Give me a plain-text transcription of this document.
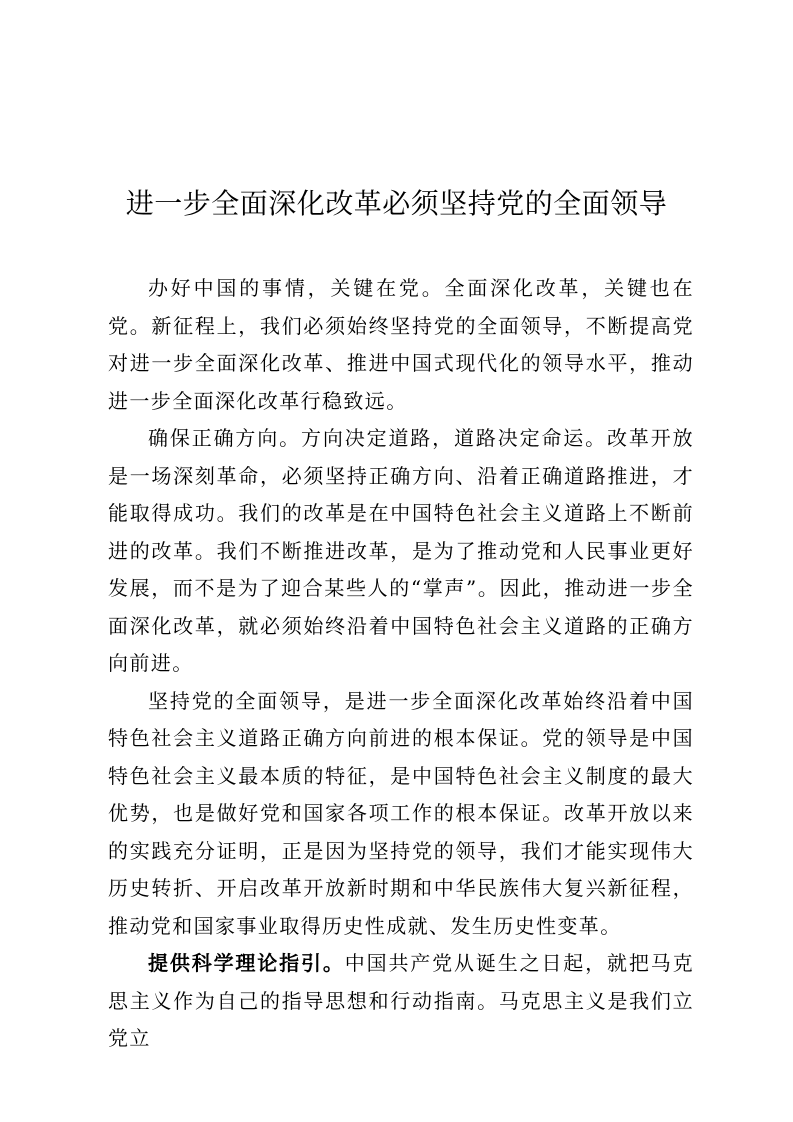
进一步全面深化改革必须坚持党的全面领导

办好中国的事情，关键在党。全面深化改革，关键也在党。新征程上，我们必须始终坚持党的全面领导，不断提高党对进一步全面深化改革、推进中国式现代化的领导水平，推动进一步全面深化改革行稳致远。

确保正确方向。方向决定道路，道路决定命运。改革开放是一场深刻革命，必须坚持正确方向、沿着正确道路推进，才能取得成功。我们的改革是在中国特色社会主义道路上不断前进的改革。我们不断推进改革，是为了推动党和人民事业更好发展，而不是为了迎合某些人的“掌声”。因此，推动进一步全面深化改革，就必须始终沿着中国特色社会主义道路的正确方向前进。

坚持党的全面领导，是进一步全面深化改革始终沿着中国特色社会主义道路正确方向前进的根本保证。党的领导是中国特色社会主义最本质的特征，是中国特色社会主义制度的最大优势，也是做好党和国家各项工作的根本保证。改革开放以来的实践充分证明，正是因为坚持党的领导，我们才能实现伟大历史转折、开启改革开放新时期和中华民族伟大复兴新征程，推动党和国家事业取得历史性成就、发生历史性变革。

提供科学理论指引。中国共产党从诞生之日起，就把马克思主义作为自己的指导思想和行动指南。马克思主义是我们立党立
